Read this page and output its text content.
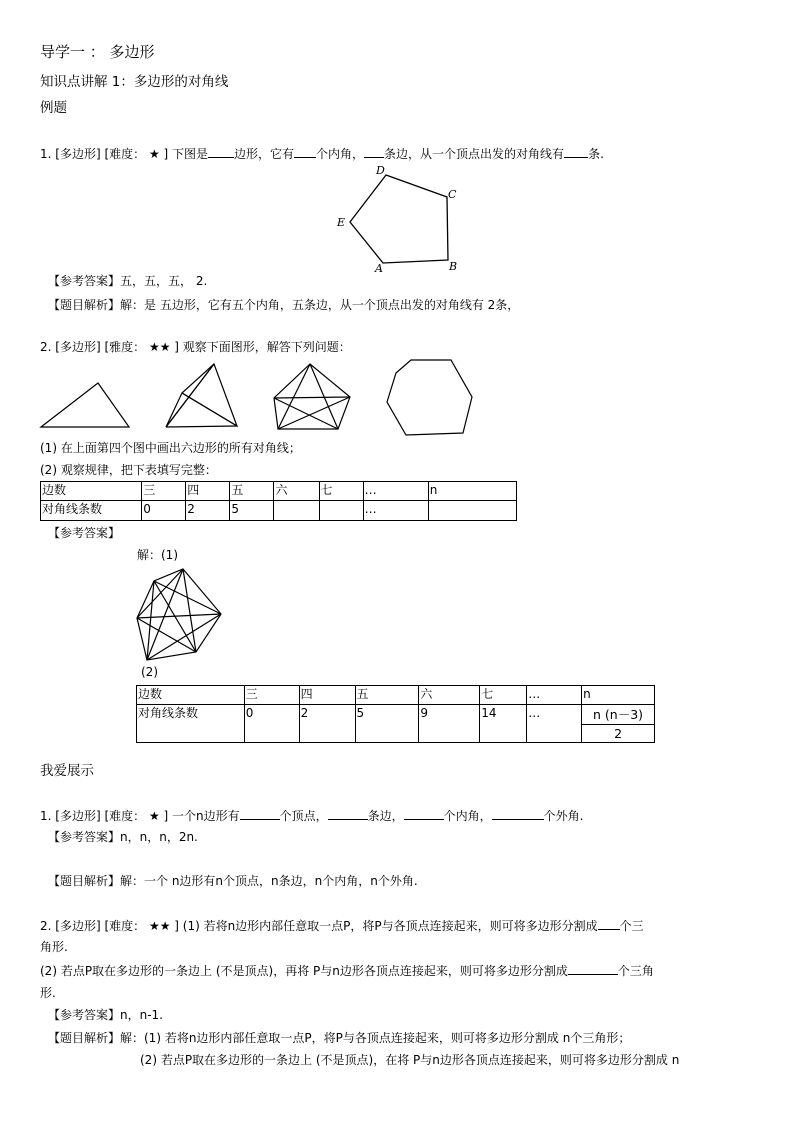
导学一 ： 多边形
知识点讲解 1：多边形的对角线
例题
1. [多边形] [难度： ★ ] 下图是 边形，它有 个内角， 条边，从一个顶点出发的对角线有 条.
D
C
E
A	B
【参考答案】五，五，五， 2.
【题目解析】解：是 五边形，它有五个内角，五条边，从一个顶点出发的对角线有 2条，
2. [多边形] [雅度： ★★ ] 观察下面图形，解答下列问题：
(1) 在上面第四个图中画出六边形的所有对角线；
(2) 观察规律，把下表填写完整：
边数	三	四	五	六	七	…	n
对角线条数	0	2	5			…	
【参考答案】
解：(1)
(2)
边数	三	四	五	六	七	…	n
对角线条数	0	2	5	9	14	…	n (n－3)
2
我爱展示
1. [多边形] [难度： ★ ] 一个n边形有	个顶点，	条边，	个内角，	个外角.
【参考答案】n，n，n，2n.
【题目解析】解：一个 n边形有n个顶点，n条边，n个内角，n个外角.
2. [多边形] [难度： ★★ ] (1) 若将n边形内部任意取一点P，将P与各顶点连接起来，则可将多边形分割成 个三
角形.
(2) 若点P取在多边形的一条边上 (不是顶点)，再将 P与n边形各顶点连接起来，则可将多边形分割成	个三角
形.
【参考答案】n，n-1.
【题目解析】解：(1) 若将n边形内部任意取一点P，将P与各顶点连接起来，则可将多边形分割成 n个三角形；
(2) 若点P取在多边形的一条边上 (不是顶点)，在将 P与n边形各顶点连接起来，则可将多边形分割成 n
